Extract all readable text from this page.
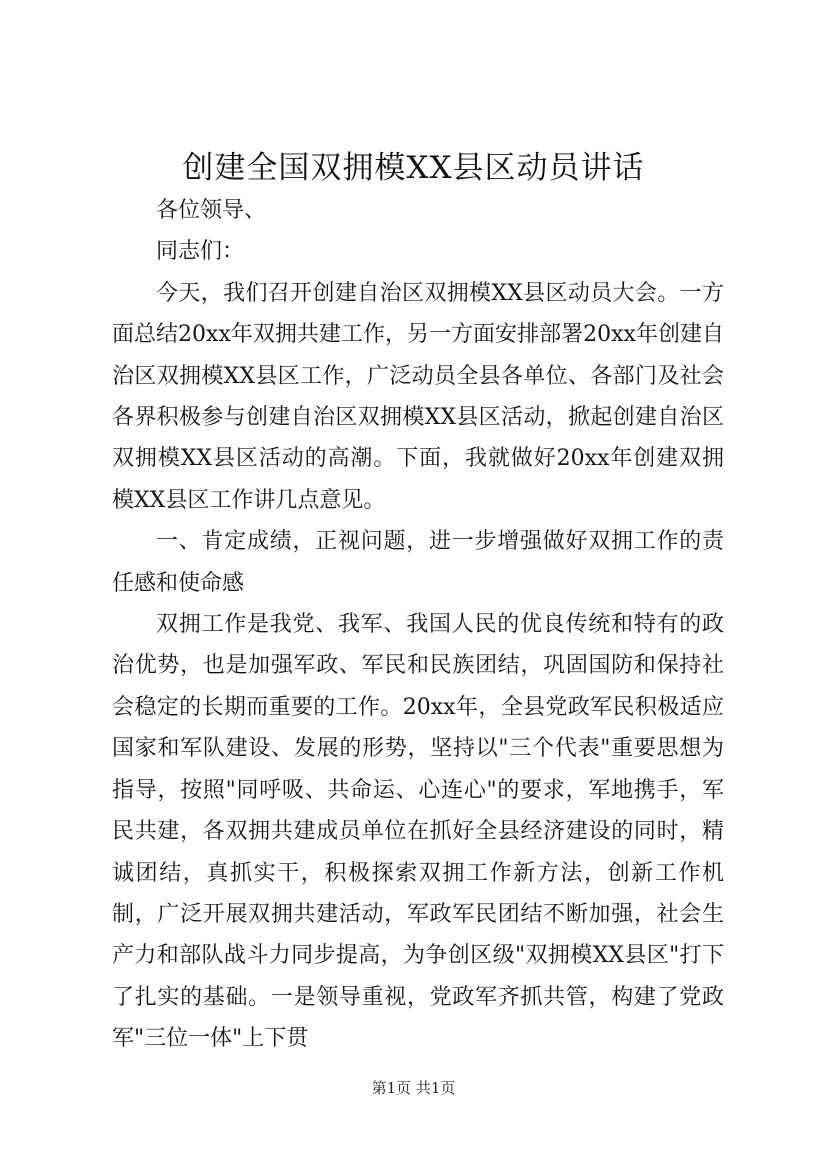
创建全国双拥模XX县区动员讲话

各位领导、

同志们：

今天，我们召开创建自治区双拥模XX县区动员大会。一方面总结20xx年双拥共建工作，另一方面安排部署20xx年创建自治区双拥模XX县区工作，广泛动员全县各单位、各部门及社会各界积极参与创建自治区双拥模XX县区活动，掀起创建自治区双拥模XX县区活动的高潮。下面，我就做好20xx年创建双拥模XX县区工作讲几点意见。

一、肯定成绩，正视问题，进一步增强做好双拥工作的责任感和使命感

双拥工作是我党、我军、我国人民的优良传统和特有的政治优势，也是加强军政、军民和民族团结，巩固国防和保持社会稳定的长期而重要的工作。20xx年，全县党政军民积极适应国家和军队建设、发展的形势，坚持以"三个代表"重要思想为指导，按照"同呼吸、共命运、心连心"的要求，军地携手，军民共建，各双拥共建成员单位在抓好全县经济建设的同时，精诚团结，真抓实干，积极探索双拥工作新方法，创新工作机制，广泛开展双拥共建活动，军政军民团结不断加强，社会生产力和部队战斗力同步提高，为争创区级"双拥模XX县区"打下了扎实的基础。一是领导重视，党政军齐抓共管，构建了党政军"三位一体"上下贯

第1页 共1页
